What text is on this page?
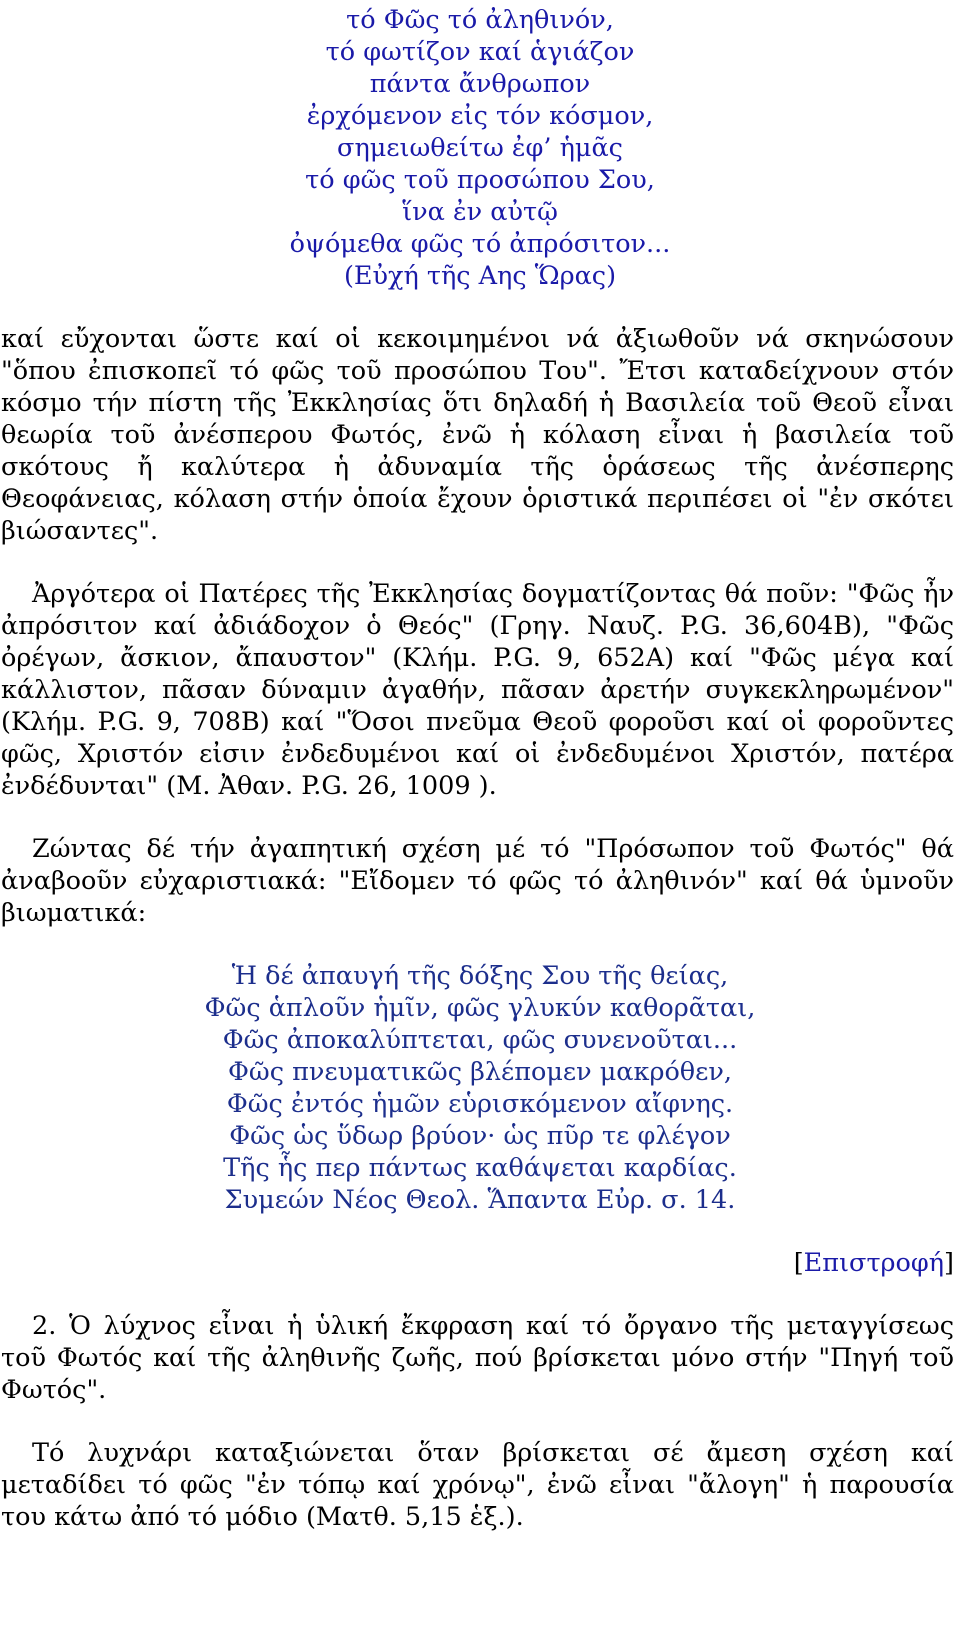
τό Φῶς τό ἀληθινόν,
τό φωτίζον καί ἁγιάζον
πάντα ἄνθρωπον
ἐρχόμενον εἰς τόν κόσμον,
σημειωθείτω ἐφ’ ἡμᾶς
τό φῶς τοῦ προσώπου Σου,
ἵνα ἐν αὐτῷ
ὀψόμεθα φῶς τό ἀπρόσιτον...
(Εὐχή τῆς Αης Ὥρας)

καί εὔχονται ὥστε καί οἱ κεκοιμημένοι νά ἀξιωθοῦν νά σκηνώσουν "ὅπου ἐπισκοπεῖ τό φῶς τοῦ προσώπου Του". Ἔτσι καταδείχνουν στόν κόσμο τήν πίστη τῆς Ἐκκλησίας ὅτι δηλαδή ἡ Βασιλεία τοῦ Θεοῦ εἶναι θεωρία τοῦ ἀνέσπερου Φωτός, ἐνῶ ἡ κόλαση εἶναι ἡ βασιλεία τοῦ σκότους ἤ καλύτερα ἡ ἀδυναμία τῆς ὁράσεως τῆς ἀνέσπερης Θεοφάνειας, κόλαση στήν ὁποία ἔχουν ὁριστικά περιπέσει οἱ "ἐν σκότει βιώσαντες".

Ἀργότερα οἱ Πατέρες τῆς Ἐκκλησίας δογματίζοντας θά ποῦν: "Φῶς ἦν ἀπρόσιτον καί ἀδιάδοχον ὁ Θεός" (Γρηγ. Ναυζ. P.G. 36,604B), "Φῶς ὀρέγων, ἄσκιον, ἄπαυστον" (Κλήμ. P.G. 9, 652A) καί "Φῶς μέγα καί κάλλιστον, πᾶσαν δύναμιν ἀγαθήν, πᾶσαν ἀρετήν συγκεκληρωμένον" (Κλήμ. P.G. 9, 708B) καί "Ὅσοι πνεῦμα Θεοῦ φοροῦσι καί οἱ φοροῦντες φῶς, Χριστόν εἰσιν ἐνδεδυμένοι καί οἱ ἐνδεδυμένοι Χριστόν, πατέρα ἐνδέδυνται" (Μ. Ἀθαν. P.G. 26, 1009 ).

Ζώντας δέ τήν ἀγαπητική σχέση μέ τό "Πρόσωπον τοῦ Φωτός" θά ἀναβοοῦν εὐχαριστιακά: "Εἴδομεν τό φῶς τό ἀληθινόν" καί θά ὑμνοῦν βιωματικά:

Ἡ δέ ἀπαυγή τῆς δόξης Σου τῆς θείας,
Φῶς ἁπλοῦν ἡμῖν, φῶς γλυκύν καθορᾶται,
Φῶς ἀποκαλύπτεται, φῶς συνενοῦται...
Φῶς πνευματικῶς βλέπομεν μακρόθεν,
Φῶς ἐντός ἡμῶν εὑρισκόμενον αἴφνης.
Φῶς ὡς ὕδωρ βρύον· ὡς πῦρ τε φλέγον
Τῆς ἧς περ πάντως καθάψεται καρδίας.
Συμεών Νέος Θεολ. Ἅπαντα Εὐρ. σ. 14.
[Επιστροφή]

2. Ὁ λύχνος εἶναι ἡ ὑλική ἔκφραση καί τό ὄργανο τῆς μεταγγίσεως τοῦ Φωτός καί τῆς ἀληθινῆς ζωῆς, πού βρίσκεται μόνο στήν "Πηγή τοῦ Φωτός".

Τό λυχνάρι καταξιώνεται ὅταν βρίσκεται σέ ἄμεση σχέση καί μεταδίδει τό φῶς "ἐν τόπῳ καί χρόνῳ", ἐνῶ εἶναι "ἄλογη" ἡ παρουσία του κάτω ἀπό τό μόδιο (Ματθ. 5,15 ἑξ.).
